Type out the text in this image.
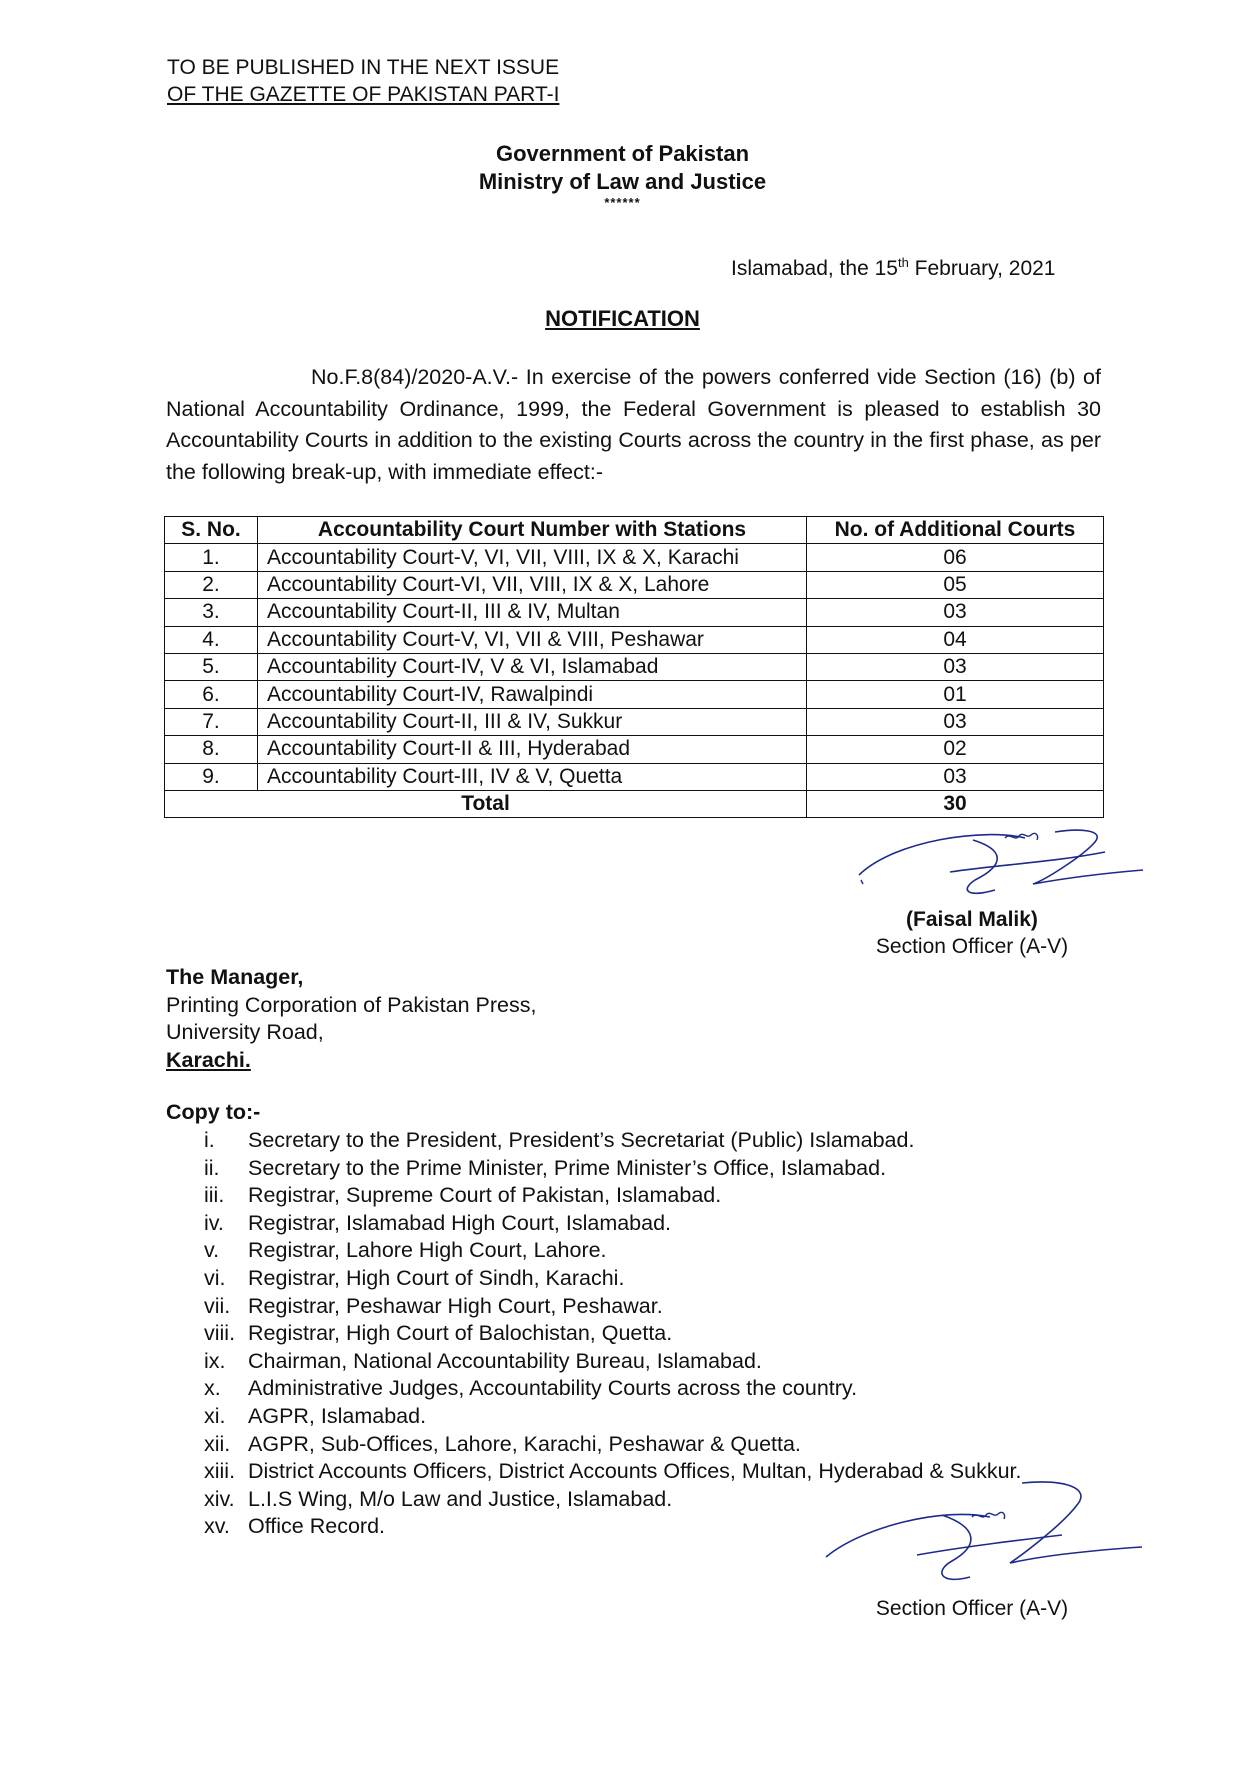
TO BE PUBLISHED IN THE NEXT ISSUE
OF THE GAZETTE OF PAKISTAN PART-I
Government of Pakistan
Ministry of Law and Justice
******
Islamabad, the 15th February, 2021
NOTIFICATION
No.F.8(84)/2020-A.V.- In exercise of the powers conferred vide Section (16) (b) of National Accountability Ordinance, 1999, the Federal Government is pleased to establish 30 Accountability Courts in addition to the existing Courts across the country in the first phase, as per the following break-up, with immediate effect:-
S. No.	Accountability Court Number with Stations	No. of Additional Courts
1.	Accountability Court-V, VI, VII, VIII, IX & X, Karachi	06
2.	Accountability Court-VI, VII, VIII, IX & X, Lahore	05
3.	Accountability Court-II, III & IV, Multan	03
4.	Accountability Court-V, VI, VII & VIII, Peshawar	04
5.	Accountability Court-IV, V & VI, Islamabad	03
6.	Accountability Court-IV, Rawalpindi	01
7.	Accountability Court-II, III & IV, Sukkur	03
8.	Accountability Court-II & III, Hyderabad	02
9.	Accountability Court-III, IV & V, Quetta	03
Total		30
(Faisal Malik)
Section Officer (A-V)
The Manager,
Printing Corporation of Pakistan Press,
University Road,
Karachi.
Copy to:-
i.	Secretary to the President, President’s Secretariat (Public) Islamabad.
ii.	Secretary to the Prime Minister, Prime Minister’s Office, Islamabad.
iii.	Registrar, Supreme Court of Pakistan, Islamabad.
iv.	Registrar, Islamabad High Court, Islamabad.
v.	Registrar, Lahore High Court, Lahore.
vi.	Registrar, High Court of Sindh, Karachi.
vii. Registrar, Peshawar High Court, Peshawar.
viii. Registrar, High Court of Balochistan, Quetta.
ix.	Chairman, National Accountability Bureau, Islamabad.
x.	Administrative Judges, Accountability Courts across the country.
xi.	AGPR, Islamabad.
xii. AGPR, Sub-Offices, Lahore, Karachi, Peshawar & Quetta.
xiii. District Accounts Officers, District Accounts Offices, Multan, Hyderabad & Sukkur.
xiv. L.I.S Wing, M/o Law and Justice, Islamabad.
xv. Office Record.
Section Officer (A-V)
